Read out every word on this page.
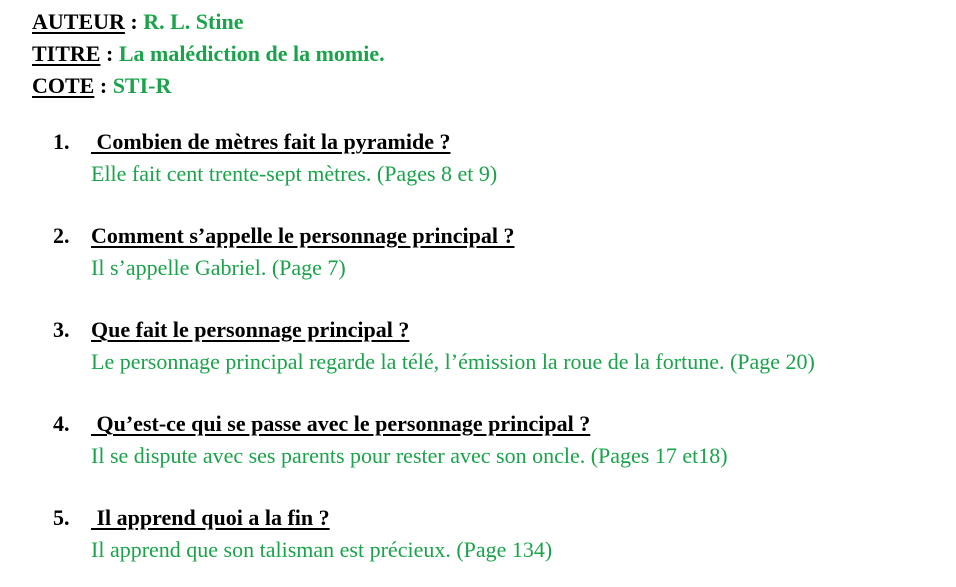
AUTEUR : R. L. Stine
TITRE : La malédiction de la momie.
COTE : STI-R
1. Combien de mètres fait la pyramide ?
Elle fait cent trente-sept mètres. (Pages 8 et 9)
2. Comment s’appelle le personnage principal ?
Il s’appelle Gabriel. (Page 7)
3. Que fait le personnage principal ?
Le personnage principal regarde la télé, l’émission la roue de la fortune. (Page 20)
4. Qu’est-ce qui se passe avec le personnage principal ?
Il se dispute avec ses parents pour rester avec son oncle. (Pages 17 et18)
5. Il apprend quoi a la fin ?
Il apprend que son talisman est précieux. (Page 134)
